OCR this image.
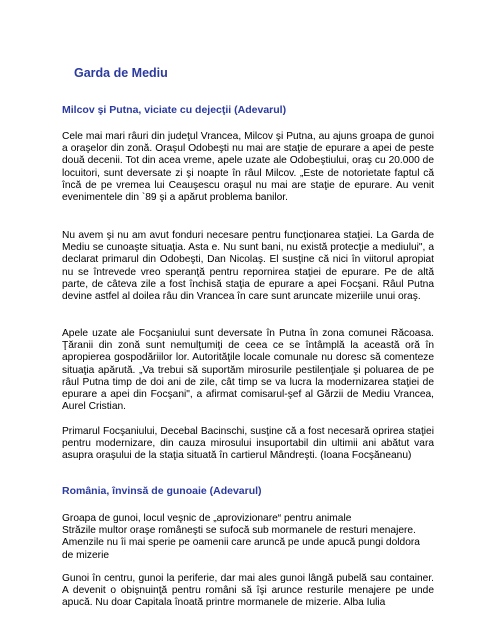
Garda de Mediu
Milcov şi Putna, viciate cu dejecţii (Adevarul)

Cele mai mari râuri din judeţul Vrancea, Milcov şi Putna, au ajuns groapa de gunoi a oraşelor din zonă. Oraşul Odobeşti nu mai are staţie de epurare a apei de peste două decenii. Tot din acea vreme, apele uzate ale Odobeştiului, oraş cu 20.000 de locuitori, sunt deversate zi şi noapte în râul Milcov. „Este de notorietate faptul că încă de pe vremea lui Ceauşescu oraşul nu mai are staţie de epurare. Au venit evenimentele din `89 şi a apărut problema banilor.

Nu avem şi nu am avut fonduri necesare pentru funcţionarea staţiei. La Garda de Mediu se cunoaşte situaţia. Asta e. Nu sunt bani, nu există protecţie a mediului", a declarat primarul din Odobeşti, Dan Nicolaş. El susţine că nici în viitorul apropiat nu se întrevede vreo speranţă pentru repornirea staţiei de epurare. Pe de altă parte, de câteva zile a fost închisă staţia de epurare a apei Focşani. Râul Putna devine astfel al doilea râu din Vrancea în care sunt aruncate mizeriile unui oraş.

Apele uzate ale Focşaniului sunt deversate în Putna în zona comunei Răcoasa. Ţăranii din zonă sunt nemulţumiţi de ceea ce se întâmplă la această oră în apropierea gospodăriilor lor. Autorităţile locale comunale nu doresc să comenteze situaţia apărută. „Va trebui să suportăm mirosurile pestilenţiale şi poluarea de pe râul Putna timp de doi ani de zile, cât timp se va lucra la modernizarea staţiei de epurare a apei din Focşani", a afirmat comisarul-şef al Gărzii de Mediu Vrancea, Aurel Cristian.

Primarul Focşaniului, Decebal Bacinschi, susţine că a fost necesară oprirea staţiei pentru modernizare, din cauza mirosului insuportabil din ultimii ani abătut vara asupra oraşului de la staţia situată în cartierul Mândreşti. (Ioana Focşăneanu)

România, învinsă de gunoaie (Adevarul)

Groapa de gunoi, locul veşnic de „aprovizionare“ pentru animale
Străzile multor oraşe româneşti se sufocă sub mormanele de resturi menajere. Amenzile nu îi mai sperie pe oamenii care aruncă pe unde apucă pungi doldora de mizerie

Gunoi în centru, gunoi la periferie, dar mai ales gunoi lângă pubelă sau container. A devenit o obişnuinţă pentru români să îşi arunce resturile menajere pe unde apucă. Nu doar Capitala înoată printre mormanele de mizerie. Alba Iulia
